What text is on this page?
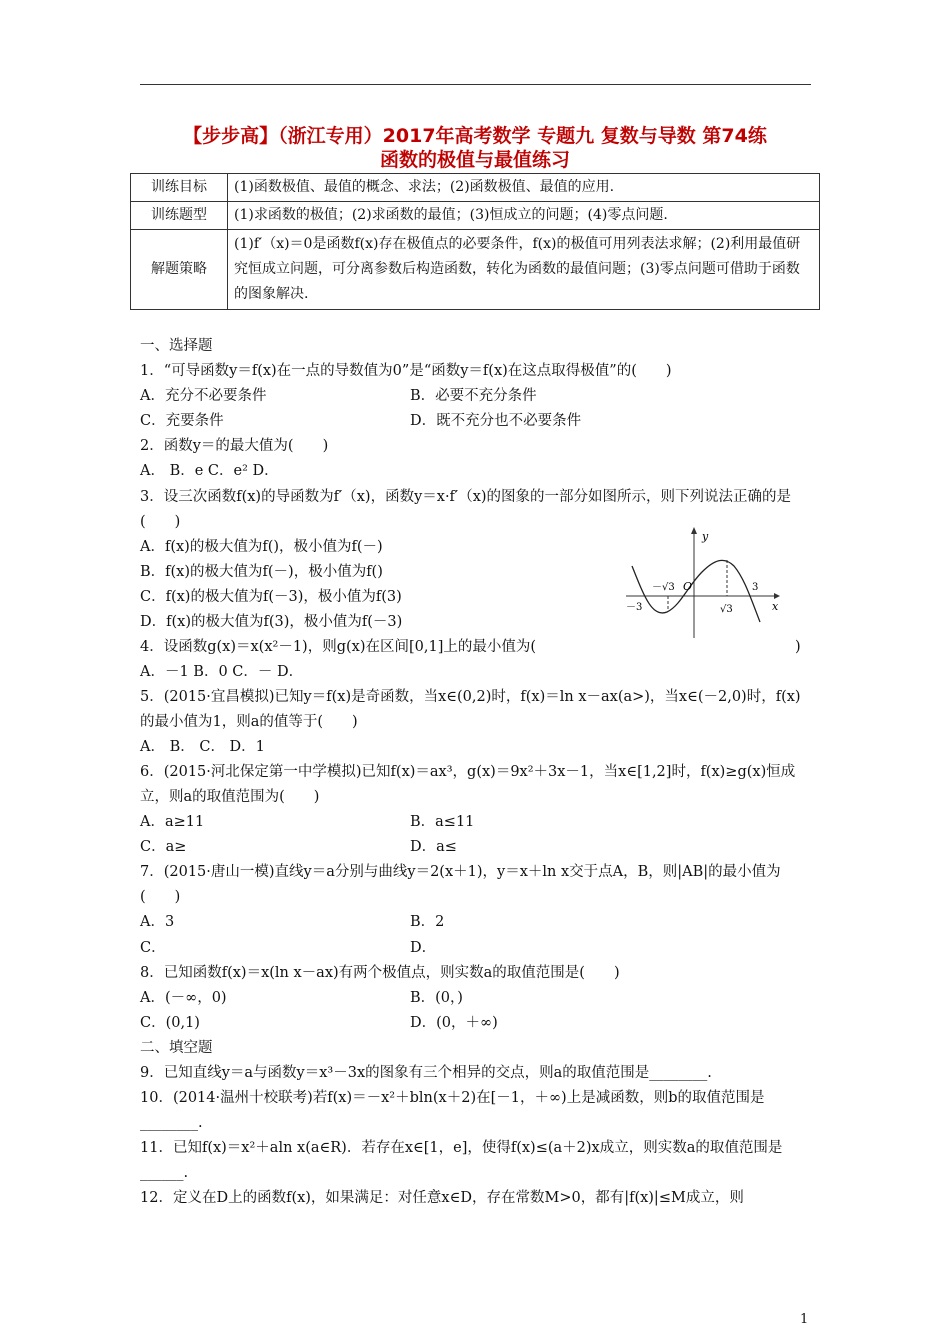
【步步高】（浙江专用）2017年高考数学 专题九 复数与导数 第74练
函数的极值与最值练习
训练目标	(1)函数极值、最值的概念、求法；(2)函数极值、最值的应用.
训练题型	(1)求函数的极值；(2)求函数的最值；(3)恒成立的问题；(4)零点问题.
解题策略	(1)f′（x)＝0是函数f(x)存在极值点的必要条件，f(x)的极值可用列表法求解；(2)利用最值研究恒成立问题，可分离参数后构造函数，转化为函数的最值问题；(3)零点问题可借助于函数的图象解决.
一、选择题
1．“可导函数y＝f(x)在一点的导数值为0”是“函数y＝f(x)在这点取得极值”的(　　)
A．充分不必要条件	B．必要不充分条件
C．充要条件	D．既不充分也不必要条件
2．函数y＝的最大值为(　　)
A． B．e C．e² D．
3．设三次函数f(x)的导函数为f′（x)，函数y＝x·f′（x)的图象的一部分如图所示，则下列说法正确的是(　　)
A．f(x)的极大值为f()，极小值为f(－)
B．f(x)的极大值为f(－)，极小值为f()
C．f(x)的极大值为f(－3)，极小值为f(3)
D．f(x)的极大值为f(3)，极小值为f(－3)
4．设函数g(x)＝x(x²－1)，则g(x)在区间[0,1]上的最小值为(	)
A．－1 B．0 C．－ D．
5．(2015·宜昌模拟)已知y＝f(x)是奇函数，当x∈(0,2)时，f(x)＝ln x－ax(a>)，当x∈(－2,0)时，f(x)的最小值为1，则a的值等于(　　)
A． B． C． D．1
6．(2015·河北保定第一中学模拟)已知f(x)＝ax³，g(x)＝9x²＋3x－1，当x∈[1,2]时，f(x)≥g(x)恒成立，则a的取值范围为(　　)
A．a≥11	B．a≤11
C．a≥	D．a≤
7．(2015·唐山一模)直线y＝a分别与曲线y＝2(x＋1)，y＝x＋ln x交于点A，B，则|AB|的最小值为(　　)
A．3	B．2
C．	D．
8．已知函数f(x)＝x(ln x－ax)有两个极值点，则实数a的取值范围是(　　)
A．(－∞，0)	B．(0，)
C．(0,1)	D．(0，＋∞)
二、填空题
9．已知直线y＝a与函数y＝x³－3x的图象有三个相异的交点，则a的取值范围是________.
10．(2014·温州十校联考)若f(x)＝－x²＋bln(x＋2)在[－1，＋∞)上是减函数，则b的取值范围是________.
11．已知f(x)＝x²＋aln x(a∈R)．若存在x∈[1，e]，使得f(x)≤(a＋2)x成立，则实数a的取值范围是______.
12．定义在D上的函数f(x)，如果满足：对任意x∈D，存在常数M>0，都有|f(x)|≤M成立，则
y
x
O
－√3
√3
3
－3
1
